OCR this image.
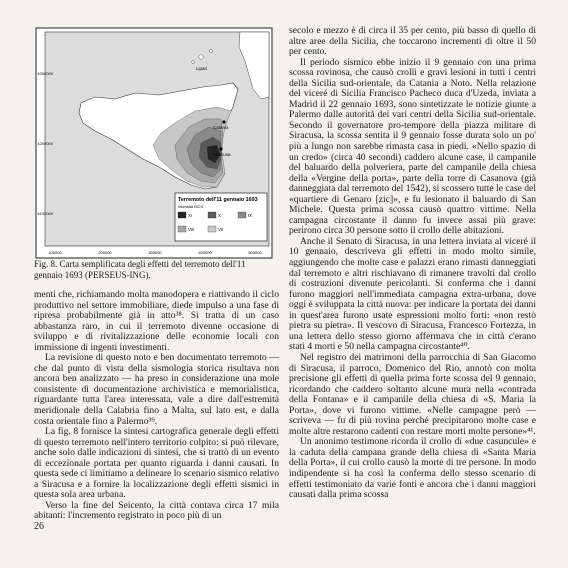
Lipari
Catania
Siracusa
4300000
4200000
4100000
100000	200000	300000	400000	500000
Terremoto dell'11 gennaio 1693
Intensità MCS
XI	X	IX
VIII	VII
Fig. 8. Carta semplificata degli effetti del terremoto dell'11 gennaio 1693 (PERSEUS-ING).

menti che, richiamando molta manodopera e riattivando il ciclo produttivo nel settore immobiliare, diede impulso a una fase di ripresa probabilmente già in atto³⁸. Si tratta di un caso abbastanza raro, in cui il terremoto divenne occasione di sviluppo e di rivitalizzazione delle economie locali con immissione di ingenti investimenti.

La revisione di questo noto e ben documentato terremoto — che dal punto di vista della sismologia storica risultava non ancora ben analizzato — ha preso in considerazione una mole consistente di documentazione archivistica e memorialistica, riguardante tutta l'area interessata, vale a dire dall'estremità meridionale della Calabria fino a Malta, sul lato est, e dalla costa orientale fino a Palermo³⁹.

La fig. 8 fornisce la sintesi cartografica generale degli effetti di questo terremoto nell'intero territorio colpito: si può rilevare, anche solo dalle indicazioni di sintesi, che si trattò di un evento di eccezionale portata per quanto riguarda i danni causati. In questa sede ci limitiamo a delineare lo scenario sismico relativo a Siracusa e a fornire la localizzazione degli effetti sismici in questa sola area urbana.

Verso la fine del Seicento, la città contava circa 17 mila abitanti: l'incremento registrato in poco più di un

secolo e mezzo è di circa il 35 per cento, più basso di quello di altre aree della Sicilia, che toccarono incrementi di oltre il 50 per cento.

Il periodo sismico ebbe inizio il 9 gennaio con una prima scossa rovinosa, che causò crolli e gravi lesioni in tutti i centri della Sicilia sud-orientale, da Catania a Noto. Nella relazione del viceré di Sicilia Francisco Pacheco duca d'Uzeda, inviata a Madrid il 22 gennaio 1693, sono sintetizzate le notizie giunte a Palermo dalle autorità dei vari centri della Sicilia sud-orientale. Secondo il governatore pro-tempore della piazza militare di Siracusa, la scossa sentita il 9 gennaio fosse durata solo un po' più a lungo non sarebbe rimasta casa in piedi. «Nello spazio di un credo» (circa 40 secondi) caddero alcune case, il campanile del baluardo della polveriera, parte del campanile della chiesa della «Vergine della porta», parte della torre di Casanova (già danneggiata dal terremoto del 1542), si scossero tutte le case del «quartiere di Genaro [zic]», e fu lesionato il baluardo di San Michele. Questa prima scossa causò quattro vittime. Nella campagna circostante il danno fu invece assai più grave: perirono circa 30 persone sotto il crollo delle abitazioni.

Anche il Senato di Siracusa, in una lettera inviata al viceré il 10 gennaio, descriveva gli effetti in modo molto simile, aggiungendo che molte case e palazzi erano rimasti danneggiati dal terremoto e altri rischiavano di rimanere travolti dal crollo di costruzioni divenute pericolanti. Si conferma che i danni furono maggiori nell'immediata campagna extra-urbana, dove oggi è sviluppata la città nuova: per indicare la portata dei danni in quest'area furono usate espressioni molto forti: «non restò pietra su pietra». Il vescovo di Siracusa, Francesco Fortezza, in una lettera dello stesso giorno affermava che in città c'erano stati 4 morti e 50 nella campagna circostante⁴⁰.

Nel registro dei matrimoni della parrocchia di San Giacomo di Siracusa, il parroco, Domenico del Rio, annotò con molta precisione gli effetti di quella prima forte scossa del 9 gennaio, ricordando che caddero soltanto alcune mura nella «contrada della Fontana» e il campanile della chiesa di «S. Maria la Porta», dove vi furono vittime. «Nelle campagne però — scriveva — fu di più rovina perché precipitarono molte case e molte altre restarono cadenti con restare morti molte persone»⁴¹.

Un anonimo testimone ricorda il crollo di «due casuncule» e la caduta della campana grande della chiesa di «Santa Maria della Porta», il cui crollo causò la morte di tre persone. In modo indipendente sì ha così la conferma dello stesso scenario di effetti testimoniato da varie fonti e ancora che i danni maggiori causati dalla prima scossa

26
